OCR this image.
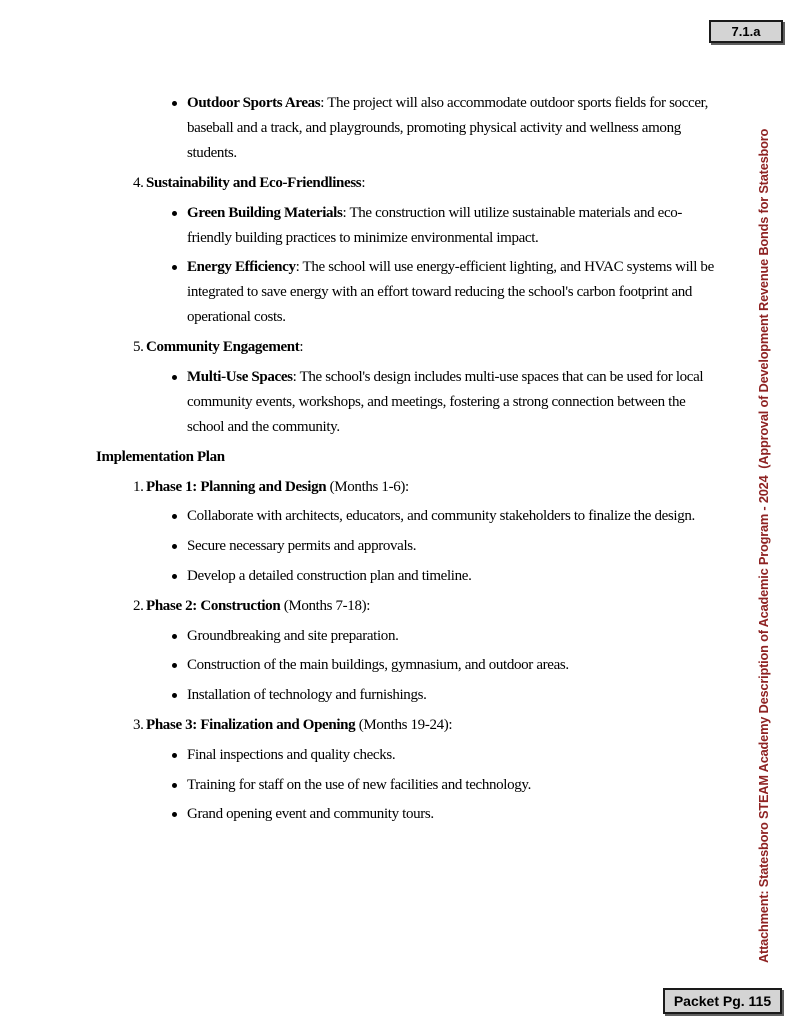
7.1.a
Attachment: Statesboro STEAM Academy Description of Academic Program - 2024  (Approval of Development Revenue Bonds for Statesboro

Outdoor Sports Areas: The project will also accommodate outdoor sports fields for soccer, baseball and a track, and playgrounds, promoting physical activity and wellness among students.

4. Sustainability and Eco-Friendliness:

Green Building Materials: The construction will utilize sustainable materials and eco-friendly building practices to minimize environmental impact.

Energy Efficiency: The school will use energy-efficient lighting, and HVAC systems will be integrated to save energy with an effort toward reducing the school's carbon footprint and operational costs.

5. Community Engagement:

Multi-Use Spaces: The school's design includes multi-use spaces that can be used for local community events, workshops, and meetings, fostering a strong connection between the school and the community.

Implementation Plan

1. Phase 1: Planning and Design (Months 1-6):

Collaborate with architects, educators, and community stakeholders to finalize the design.

Secure necessary permits and approvals.

Develop a detailed construction plan and timeline.

2. Phase 2: Construction (Months 7-18):

Groundbreaking and site preparation.

Construction of the main buildings, gymnasium, and outdoor areas.

Installation of technology and furnishings.

3. Phase 3: Finalization and Opening (Months 19-24):

Final inspections and quality checks.

Training for staff on the use of new facilities and technology.

Grand opening event and community tours.

Packet Pg. 115
